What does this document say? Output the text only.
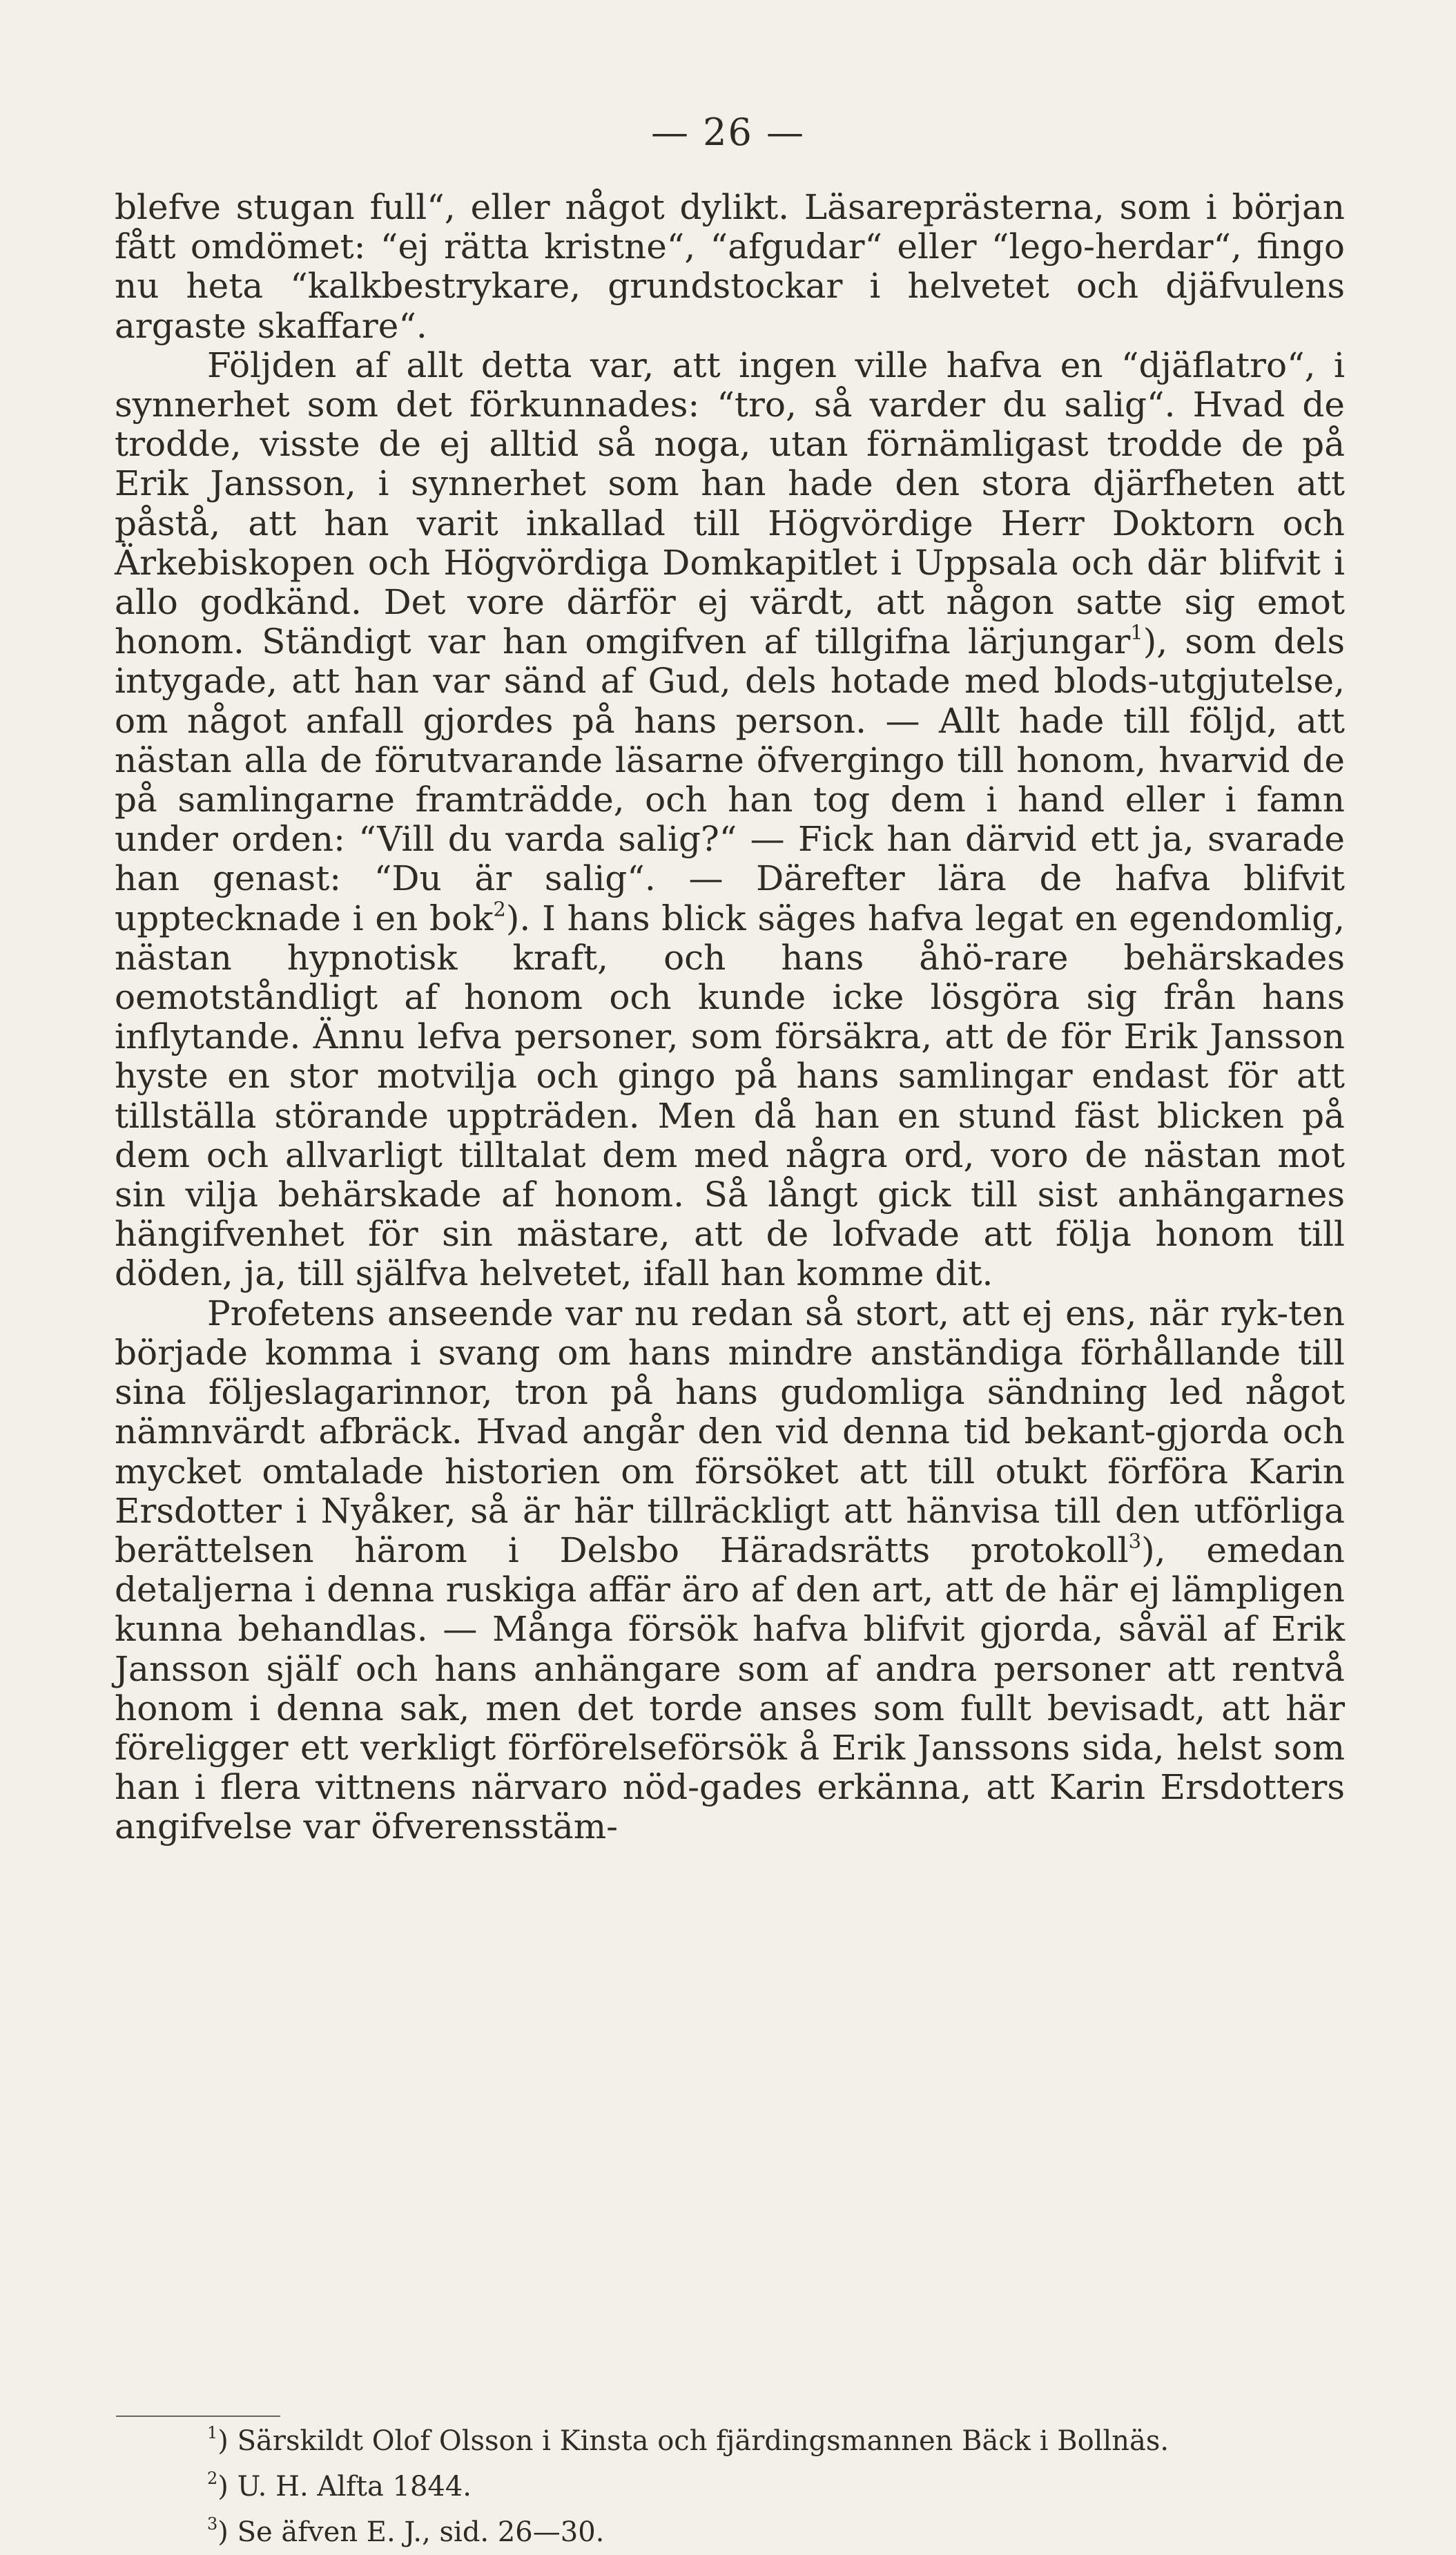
— 26 —

blefve stugan full“, eller något dylikt. Läsareprästerna, som i början fått omdömet: “ej rätta kristne“, “afgudar“ eller “lego-herdar“, fingo nu heta “kalkbestrykare, grundstockar i helvetet och djäfvulens argaste skaffare“.

Följden af allt detta var, att ingen ville hafva en “djäflatro“, i synnerhet som det förkunnades: “tro, så varder du salig“. Hvad de trodde, visste de ej alltid så noga, utan förnämligast trodde de på Erik Jansson, i synnerhet som han hade den stora djärfheten att påstå, att han varit inkallad till Högvördige Herr Doktorn och Ärkebiskopen och Högvördiga Domkapitlet i Uppsala och där blifvit i allo godkänd. Det vore därför ej värdt, att någon satte sig emot honom. Ständigt var han omgifven af tillgifna lärjungar$^1$), som dels intygade, att han var sänd af Gud, dels hotade med blods-utgjutelse, om något anfall gjordes på hans person. — Allt hade till följd, att nästan alla de förutvarande läsarne öfvergingo till honom, hvarvid de på samlingarne framträdde, och han tog dem i hand eller i famn under orden: “Vill du varda salig?“ — Fick han därvid ett ja, svarade han genast: “Du är salig“. — Därefter lära de hafva blifvit upptecknade i en bok$^2$). I hans blick säges hafva legat en egendomlig, nästan hypnotisk kraft, och hans åhö-rare behärskades oemotståndligt af honom och kunde icke lösgöra sig från hans inflytande. Ännu lefva personer, som försäkra, att de för Erik Jansson hyste en stor motvilja och gingo på hans samlingar endast för att tillställa störande uppträden. Men då han en stund fäst blicken på dem och allvarligt tilltalat dem med några ord, voro de nästan mot sin vilja behärskade af honom. Så långt gick till sist anhängarnes hängifvenhet för sin mästare, att de lofvade att följa honom till döden, ja, till själfva helvetet, ifall han komme dit.

Profetens anseende var nu redan så stort, att ej ens, när ryk-ten började komma i svang om hans mindre anständiga förhållande till sina följeslagarinnor, tron på hans gudomliga sändning led något nämnvärdt afbräck. Hvad angår den vid denna tid bekant-gjorda och mycket omtalade historien om försöket att till otukt förföra Karin Ersdotter i Nyåker, så är här tillräckligt att hänvisa till den utförliga berättelsen härom i Delsbo Häradsrätts protokoll$^3$), emedan detaljerna i denna ruskiga affär äro af den art, att de här ej lämpligen kunna behandlas. — Många försök hafva blifvit gjorda, såväl af Erik Jansson själf och hans anhängare som af andra personer att rentvå honom i denna sak, men det torde anses som fullt bevisadt, att här föreligger ett verkligt förförelseförsök å Erik Janssons sida, helst som han i flera vittnens närvaro nöd-gades erkänna, att Karin Ersdotters angifvelse var öfverensstäm-

$^1$) Särskildt Olof Olsson i Kinsta och fjärdingsmannen Bäck i Bollnäs.

$^2$) U. H. Alfta 1844.

$^3$) Se äfven E. J., sid. 26—30.
